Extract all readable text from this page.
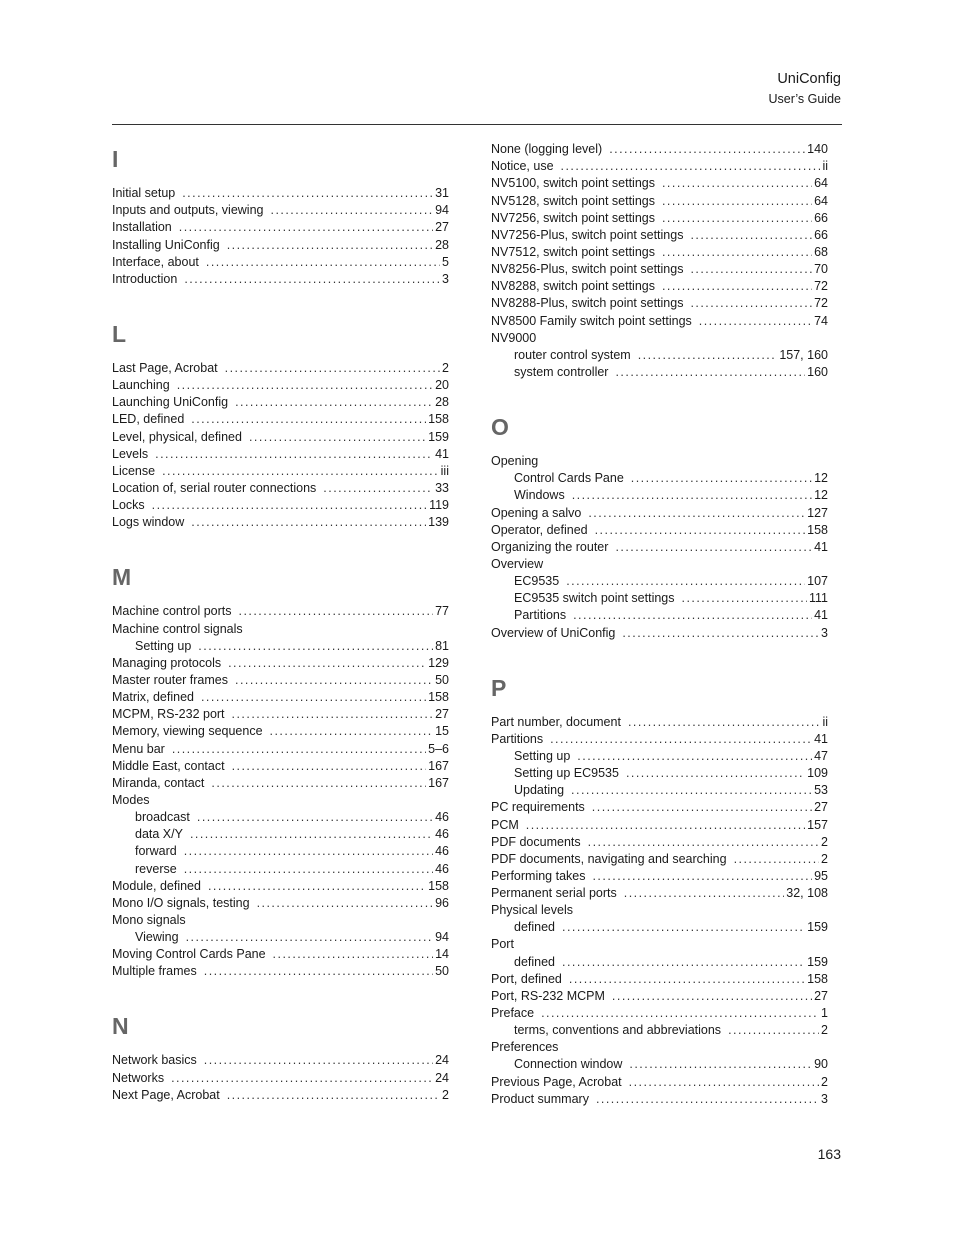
UniConfig
User’s Guide
I
Initial setup . . .	31
Inputs and outputs, viewing . . .	94
Installation . . .	27
Installing UniConfig . . .	28
Interface, about . . .	5
Introduction . . .	3
L
Last Page, Acrobat . . .	2
Launching . . .	20
Launching UniConfig . . .	28
LED, defined . . .	158
Level, physical, defined . . .	159
Levels . . .	41
License . . .	iii
Location of, serial router connections . . .	33
Locks . . .	119
Logs window . . .	139
M
Machine control ports . . .	77
Machine control signals
Setting up . . .	81
Managing protocols . . .	129
Master router frames . . .	50
Matrix, defined . . .	158
MCPM, RS-232 port . . .	27
Memory, viewing sequence . . .	15
Menu bar . . .	5–6
Middle East, contact . . .	167
Miranda, contact . . .	167
Modes
broadcast . . .	46
data X/Y . . .	46
forward . . .	46
reverse . . .	46
Module, defined . . .	158
Mono I/O signals, testing . . .	96
Mono signals
Viewing . . .	94
Moving Control Cards Pane . . .	14
Multiple frames . . .	50
N
Network basics . . .	24
Networks . . .	24
Next Page, Acrobat . . .	2
None (logging level) . . .	140
Notice, use . . .	ii
NV5100, switch point settings . . .	64
NV5128, switch point settings . . .	64
NV7256, switch point settings . . .	66
NV7256-Plus, switch point settings . . .	66
NV7512, switch point settings . . .	68
NV8256-Plus, switch point settings . . .	70
NV8288, switch point settings . . .	72
NV8288-Plus, switch point settings . . .	72
NV8500 Family switch point settings . . .	74
NV9000
router control system . . .	157, 160
system controller . . .	160
O
Opening
Control Cards Pane . . .	12
Windows . . .	12
Opening a salvo . . .	127
Operator, defined . . .	158
Organizing the router . . .	41
Overview
EC9535 . . .	107
EC9535 switch point settings . . .	111
Partitions . . .	41
Overview of UniConfig . . .	3
P
Part number, document . . .	ii
Partitions . . .	41
Setting up . . .	47
Setting up EC9535 . . .	109
Updating . . .	53
PC requirements . . .	27
PCM . . .	157
PDF documents . . .	2
PDF documents, navigating and searching . . .	2
Performing takes . . .	95
Permanent serial ports . . .	32, 108
Physical levels
defined . . .	159
Port
defined . . .	159
Port, defined . . .	158
Port, RS-232 MCPM . . .	27
Preface . . .	1
terms, conventions and abbreviations . . .	2
Preferences
Connection window . . .	90
Previous Page, Acrobat . . .	2
Product summary . . .	3
163
